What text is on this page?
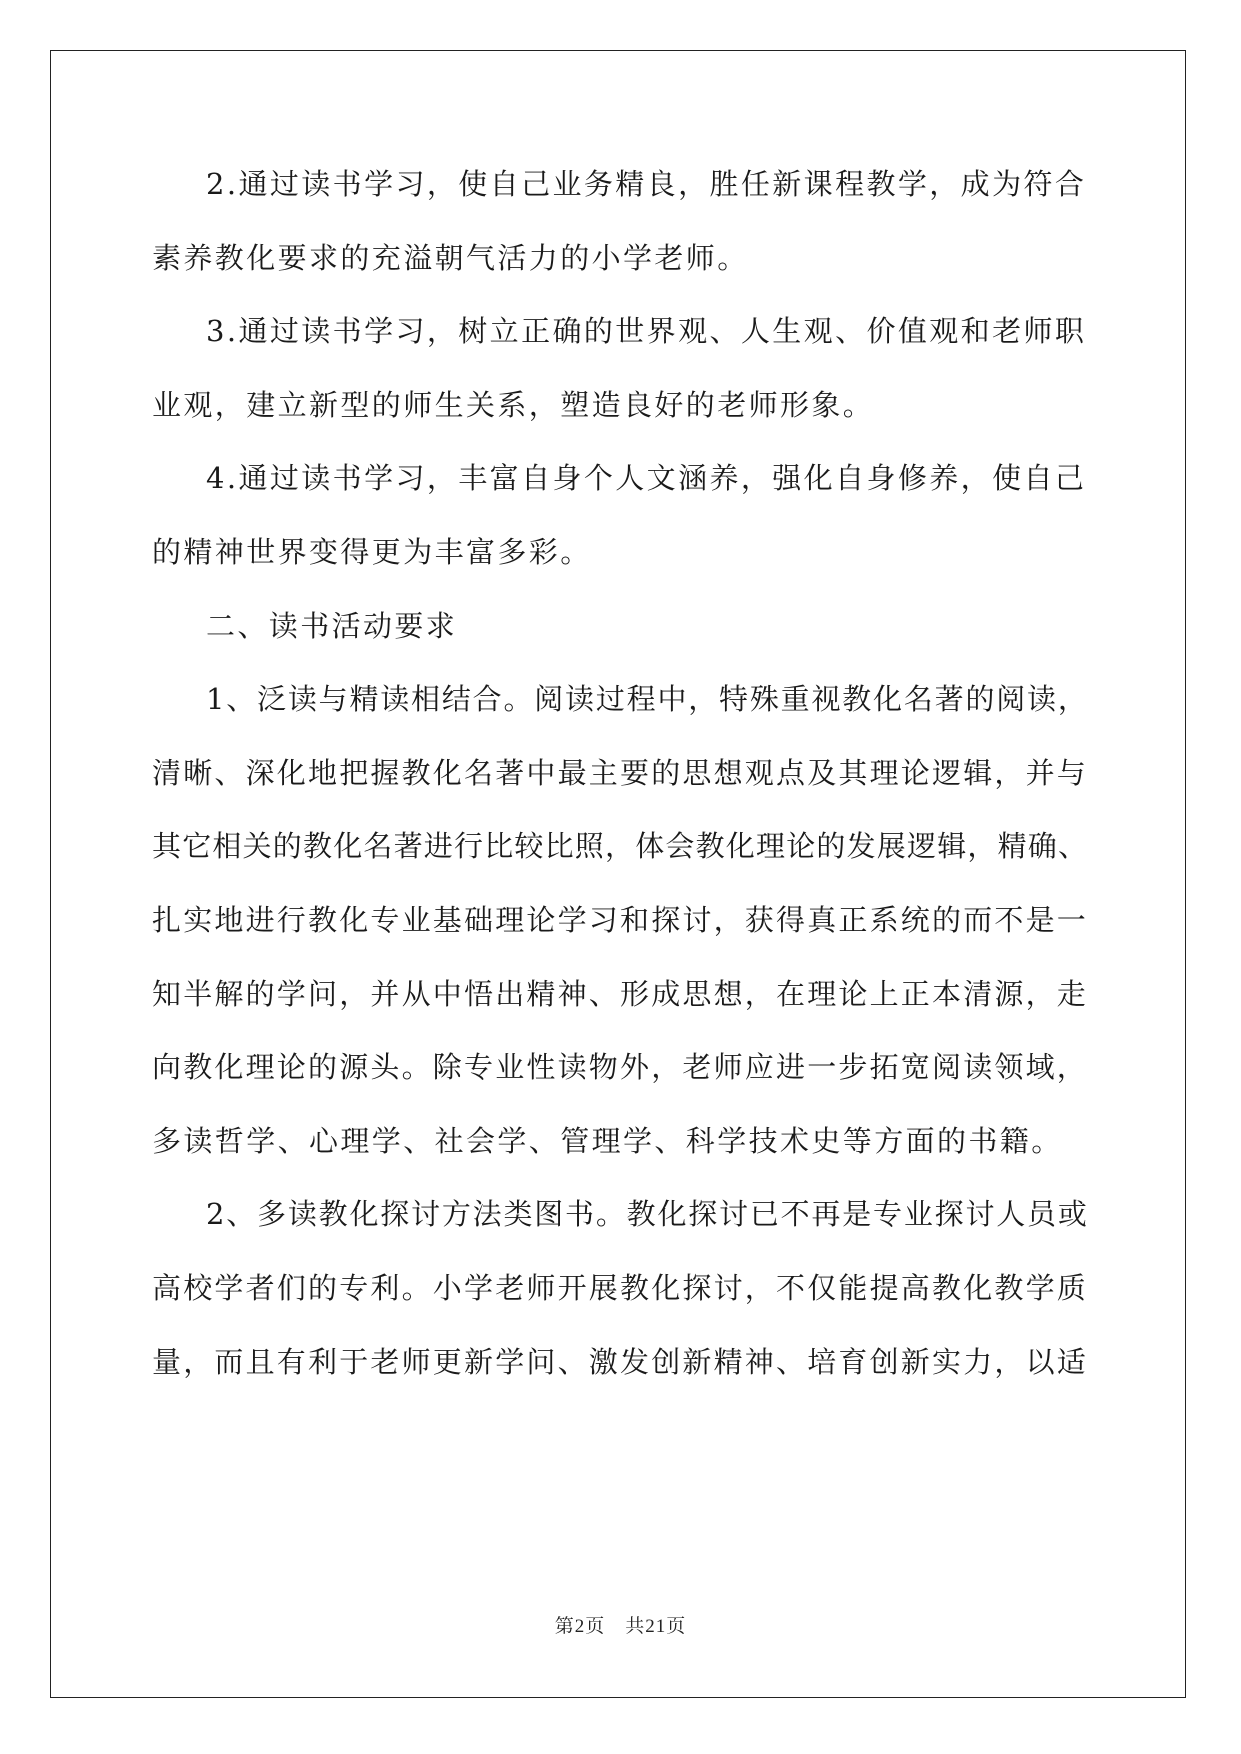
2.通过读书学习，使自己业务精良，胜任新课程教学，成为符合
素养教化要求的充溢朝气活力的小学老师。
3.通过读书学习，树立正确的世界观、人生观、价值观和老师职
业观，建立新型的师生关系，塑造良好的老师形象。
4.通过读书学习，丰富自身个人文涵养，强化自身修养，使自己
的精神世界变得更为丰富多彩。
二、读书活动要求
1、泛读与精读相结合。阅读过程中，特殊重视教化名著的阅读，
清晰、深化地把握教化名著中最主要的思想观点及其理论逻辑，并与
其它相关的教化名著进行比较比照，体会教化理论的发展逻辑，精确、
扎实地进行教化专业基础理论学习和探讨，获得真正系统的而不是一
知半解的学问，并从中悟出精神、形成思想，在理论上正本清源，走
向教化理论的源头。除专业性读物外，老师应进一步拓宽阅读领域，
多读哲学、心理学、社会学、管理学、科学技术史等方面的书籍。
2、多读教化探讨方法类图书。教化探讨已不再是专业探讨人员或
高校学者们的专利。小学老师开展教化探讨，不仅能提高教化教学质
量，而且有利于老师更新学问、激发创新精神、培育创新实力，以适
第2页　共21页
